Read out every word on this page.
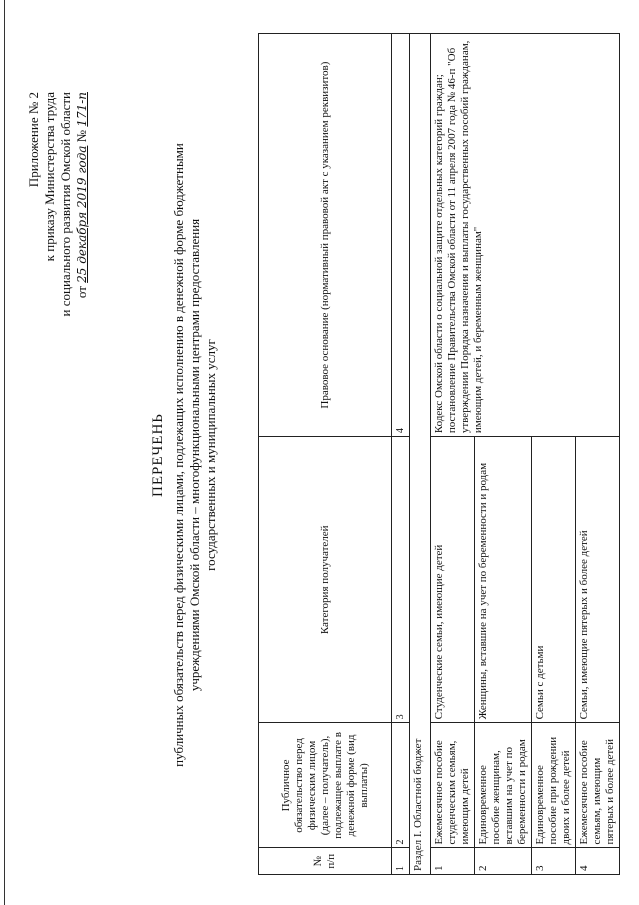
Приложение № 2 к приказу Министерства труда и социального развития Омской области от 25 декабря 2019 года № 171-п
ПЕРЕЧЕНЬ публичных обязательств перед физическими лицами, подлежащих исполнению в денежной форме бюджетными учреждениями Омской области – многофункциональными центрами предоставления государственных и муниципальных услуг
№ п/п	Публичное обязательство перед физическим лицом (далее – получатель), подлежащее выплате в денежной форме (вид выплаты)	Категория получателей	Правовое основание (нормативный правовой акт с указанием реквизитов)
1	2	3	4
Раздел I. Областной бюджет			
1	Ежемесячное пособие студенческим семьям, имеющим детей	Студенческие семьи, имеющие детей	Кодекс Омской области о социальной защите отдельных категорий граждан; постановление Правительства Омской области от 11 апреля 2007 года № 46-п "Об утверждении Порядка назначения и выплаты государственных пособий гражданам, имеющим детей, и беременным женщинам"
2	Единовременное пособие женщинам, вставшим на учет по беременности и родам	Женщины, вставшие на учет по беременности и родам	
3	Единовременное пособие при рождении двоих и более детей	Семьи с детьми	
4	Ежемесячное пособие семьям, имеющим пятерых и более детей	Семьи, имеющие пятерых и более детей	
